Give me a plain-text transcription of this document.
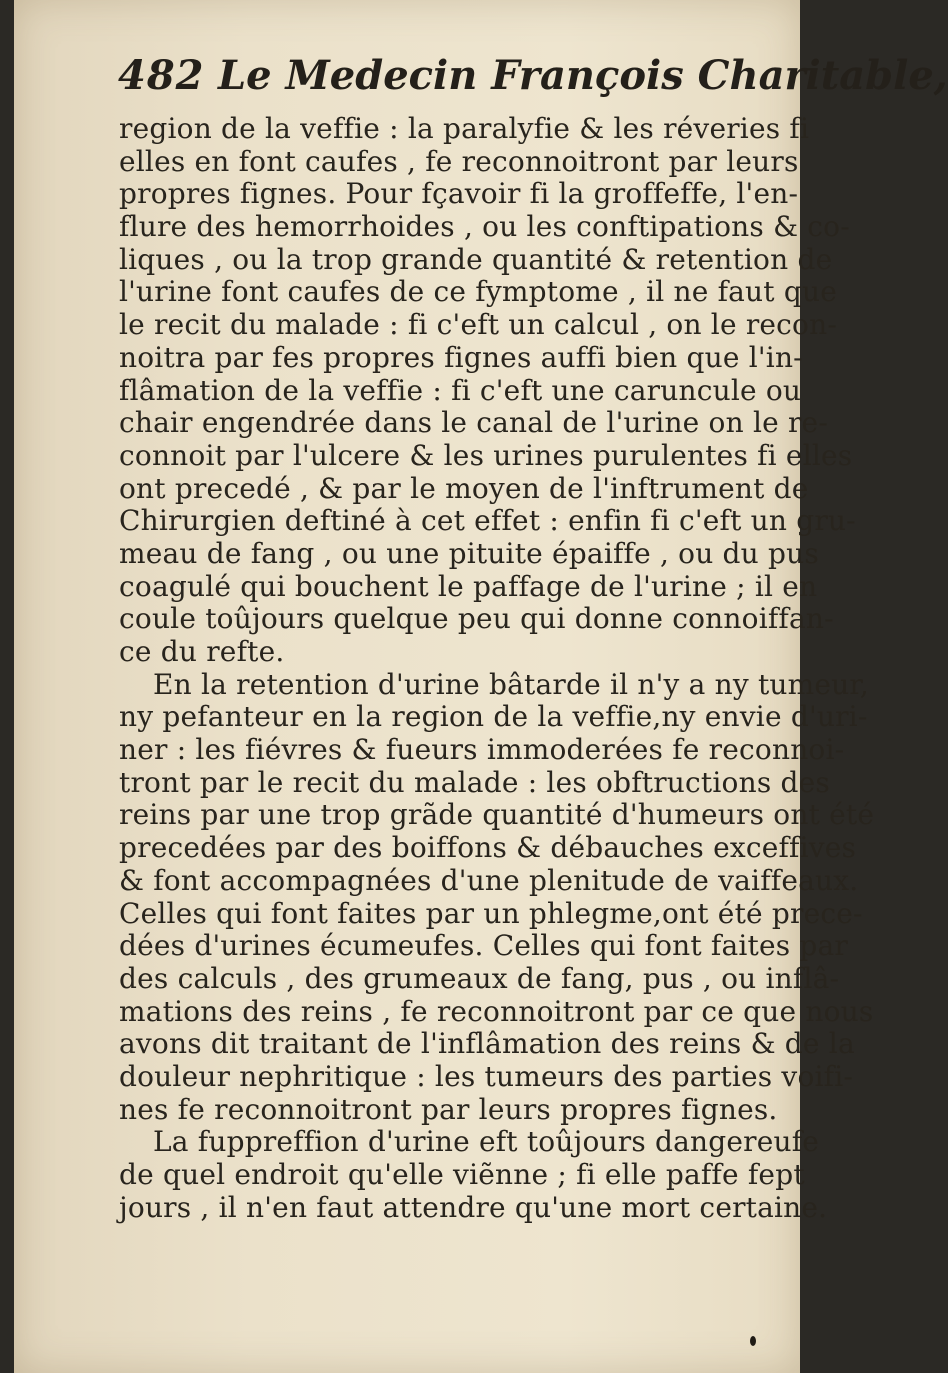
482 Le Medecin François Charitable,
region de la veffie : la paralyfie & les réveries fi
elles en font caufes , fe reconnoitront par leurs
propres fignes. Pour fçavoir fi la groffeffe, l'en-
flure des hemorrhoides , ou les conftipations & co-
liques , ou la trop grande quantité & retention de
l'urine font caufes de ce fymptome , il ne faut que
le recit du malade : fi c'eft un calcul , on le recon-
noitra par fes propres fignes auffi bien que l'in-
flâmation de la veffie : fi c'eft une caruncule ou
chair engendrée dans le canal de l'urine on le re-
connoit par l'ulcere & les urines purulentes fi elles
ont precedé , & par le moyen de l'inftrument de
Chirurgien deftiné à cet effet : enfin fi c'eft un gru-
meau de fang , ou une pituite épaiffe , ou du pus
coagulé qui bouchent le paffage de l'urine ; il en
coule toûjours quelque peu qui donne connoiffan-
ce du refte.
En la retention d'urine bâtarde il n'y a ny tumeur,
ny pefanteur en la region de la veffie,ny envie d'uri-
ner : les fiévres & fueurs immoderées fe reconnoi-
tront par le recit du malade : les obftructions des
reins par une trop grãde quantité d'humeurs ont été
precedées par des boiffons & débauches exceffives
& font accompagnées d'une plenitude de vaiffeaux.
Celles qui font faites par un phlegme,ont été prece-
dées d'urines écumeufes. Celles qui font faites par
des calculs , des grumeaux de fang, pus , ou inflâ-
mations des reins , fe reconnoitront par ce que nous
avons dit traitant de l'inflâmation des reins & de la
douleur nephritique : les tumeurs des parties voifi-
nes fe reconnoitront par leurs propres fignes.
La fuppreffion d'urine eft toûjours dangereufe
de quel endroit qu'elle viẽnne ; fi elle paffe fept
jours , il n'en faut attendre qu'une mort certaine.
